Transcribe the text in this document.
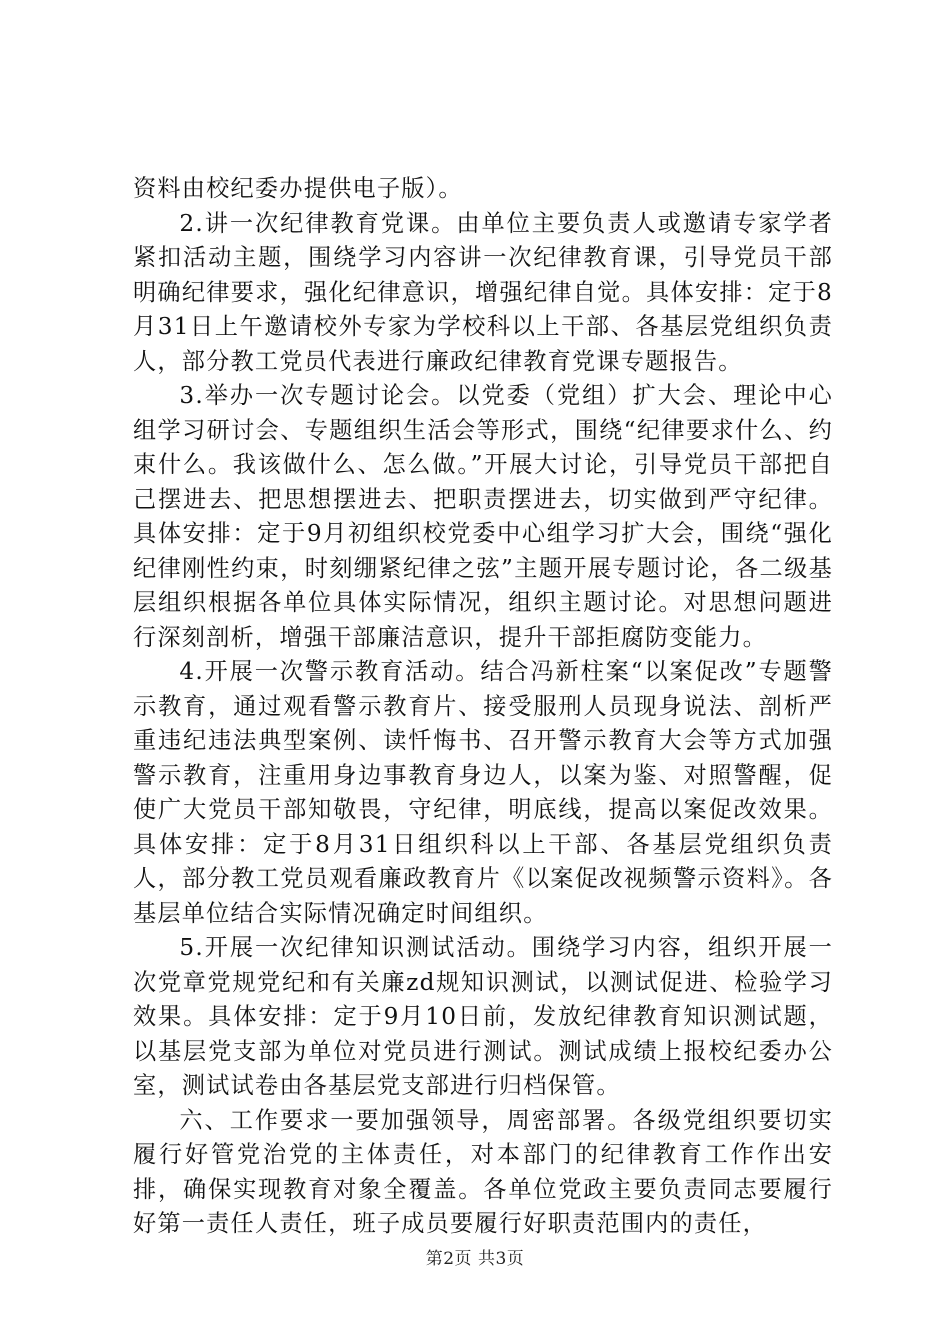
资料由校纪委办提供电子版）。

2.讲一次纪律教育党课。由单位主要负责人或邀请专家学者紧扣活动主题，围绕学习内容讲一次纪律教育课，引导党员干部明确纪律要求，强化纪律意识，增强纪律自觉。具体安排：定于8月31日上午邀请校外专家为学校科以上干部、各基层党组织负责人，部分教工党员代表进行廉政纪律教育党课专题报告。

3.举办一次专题讨论会。以党委（党组）扩大会、理论中心组学习研讨会、专题组织生活会等形式，围绕“纪律要求什么、约束什么。我该做什么、怎么做。”开展大讨论，引导党员干部把自己摆进去、把思想摆进去、把职责摆进去，切实做到严守纪律。具体安排：定于9月初组织校党委中心组学习扩大会，围绕“强化纪律刚性约束，时刻绷紧纪律之弦”主题开展专题讨论，各二级基层组织根据各单位具体实际情况，组织主题讨论。对思想问题进行深刻剖析，增强干部廉洁意识，提升干部拒腐防变能力。

4.开展一次警示教育活动。结合冯新柱案“以案促改”专题警示教育，通过观看警示教育片、接受服刑人员现身说法、剖析严重违纪违法典型案例、读忏悔书、召开警示教育大会等方式加强警示教育，注重用身边事教育身边人，以案为鉴、对照警醒，促使广大党员干部知敬畏，守纪律，明底线，提高以案促改效果。具体安排：定于8月31日组织科以上干部、各基层党组织负责人，部分教工党员观看廉政教育片《以案促改视频警示资料》。各基层单位结合实际情况确定时间组织。

5.开展一次纪律知识测试活动。围绕学习内容，组织开展一次党章党规党纪和有关廉zd规知识测试，以测试促进、检验学习效果。具体安排：定于9月10日前，发放纪律教育知识测试题，以基层党支部为单位对党员进行测试。测试成绩上报校纪委办公室，测试试卷由各基层党支部进行归档保管。

六、工作要求一要加强领导，周密部署。各级党组织要切实履行好管党治党的主体责任，对本部门的纪律教育工作作出安排，确保实现教育对象全覆盖。各单位党政主要负责同志要履行好第一责任人责任，班子成员要履行好职责范围内的责任，

第2页 共3页
